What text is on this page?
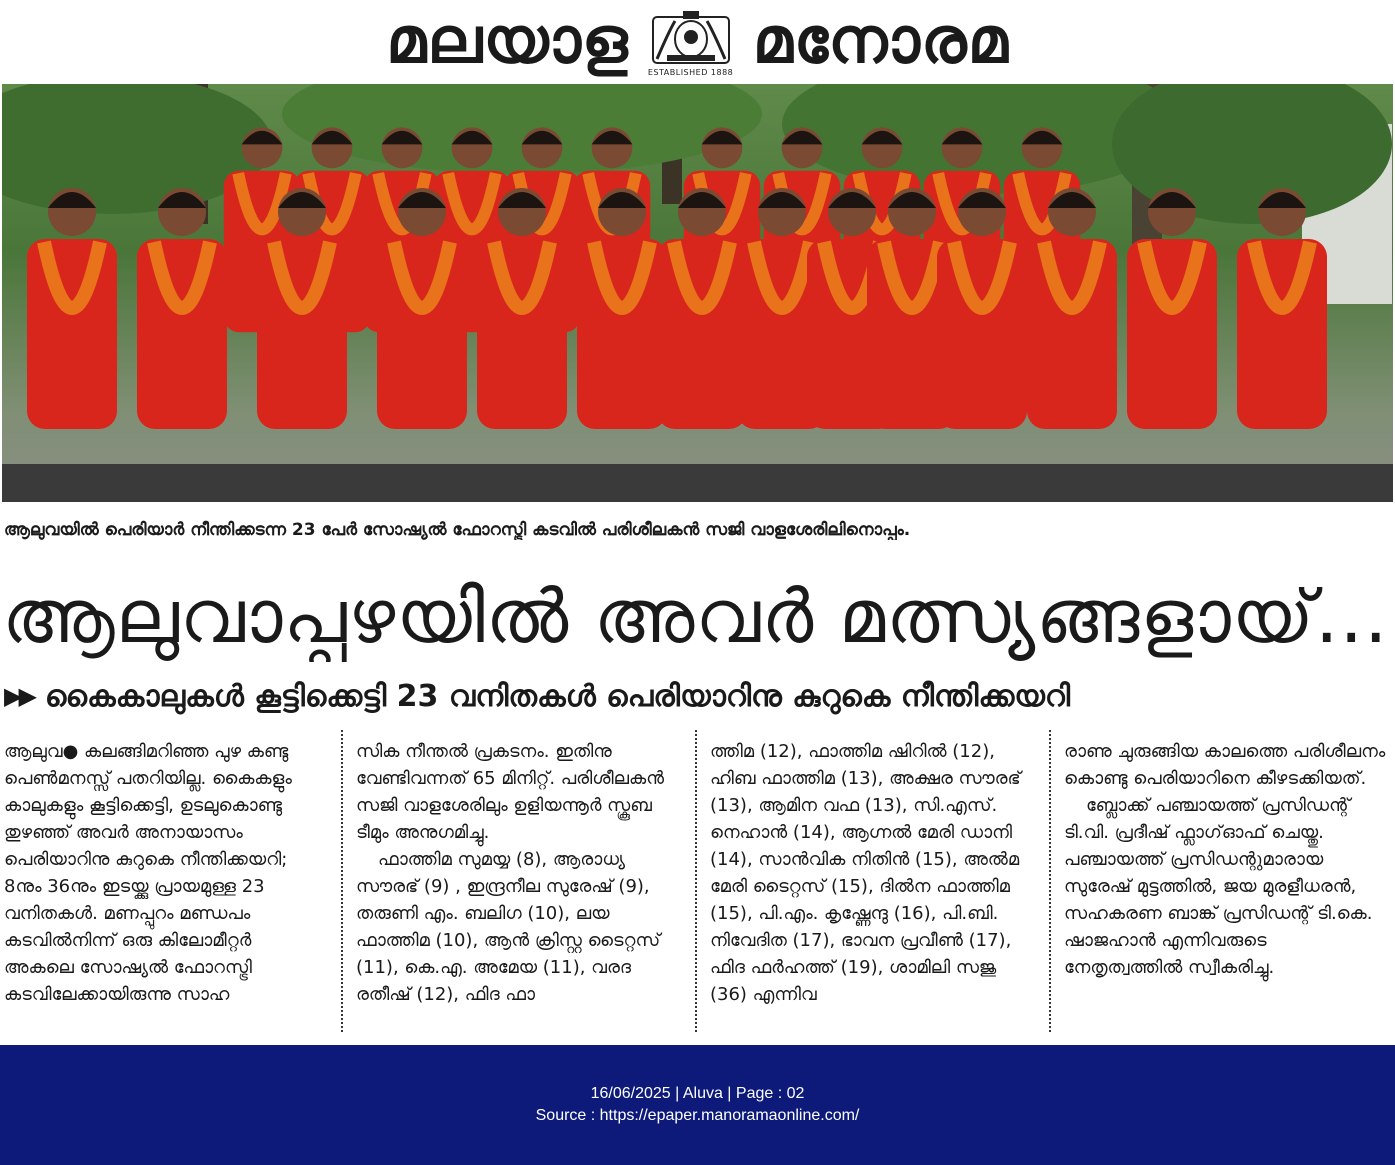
മലയാള ESTABLISHED 1888 മനോരമ
ആലുവയിൽ പെരിയാർ നീന്തിക്കടന്ന 23 പേർ സോഷ്യൽ ഫോറസ്ട്രി കടവിൽ പരിശീലകൻ സജി വാളശേരിലിനൊപ്പം.
ആലുവാപ്പുഴയിൽ അവർ മത്സ്യങ്ങളായ്...
▶▶ കൈകാലുകൾ കൂട്ടിക്കെട്ടി 23 വനിതകൾ പെരിയാറിനു കുറുകെ നീന്തിക്കയറി

ആലുവ● കലങ്ങിമറിഞ്ഞ പുഴ കണ്ടു പെൺമനസ്സ് പതറിയില്ല. കൈകളും കാലുകളും കൂട്ടിക്കെട്ടി, ഉടലുകൊണ്ടു തുഴഞ്ഞ് അവർ അനായാസം പെരിയാറിനു കുറുകെ നീന്തിക്കയറി; 8നും 36നും ഇടയ്ക്കു പ്രായമുള്ള 23 വനിതകൾ. മണപ്പുറം മണ്ഡപം കടവിൽനിന്ന് ഒരു കിലോമീറ്റർ അകലെ സോഷ്യൽ ഫോറസ്ട്രി കടവിലേക്കായിരുന്നു സാഹ

സിക നീന്തൽ പ്രകടനം. ഇതിനു വേണ്ടിവന്നത് 65 മിനിറ്റ്. പരിശീലകൻ സജി വാളശേരിലും ഉളിയന്നൂർ സ്കൂബ ടീമും അനുഗമിച്ചു.

ഫാത്തിമ സുമയ്യ (8), ആരാധ്യ സൗരഭ് (9) , ഇന്ദ്രനീല സുരേഷ് (9), തരുണി എം. ബലിഗ (10), ലയ ഫാത്തിമ (10), ആൻ ക്രിസ്റ്റ ടൈറ്റസ് (11), കെ.എ. അമേയ (11), വരദ രതീഷ് (12), ഫിദ ഫാ

ത്തിമ (12), ഫാത്തിമ ഷിറിൽ (12), ഹിബ ഫാത്തിമ (13), അക്ഷര സൗരഭ് (13), ആമിന വഫ (13), സി.എസ്. നെഹാൻ (14), ആഗ്നൽ മേരി ഡാനി (14), സാൻവിക നിതിൻ (15), അൽമ മേരി ടൈറ്റസ് (15), ദിൽന ഫാത്തിമ (15), പി.എം. കൃഷ്ണേന്ദു (16), പി.ബി. നിവേദിത (17), ഭാവന പ്രവീൺ (17), ഫിദ ഫർഹത്ത് (19), ശാമിലി സജു (36) എന്നിവ

രാണു ചുരുങ്ങിയ കാലത്തെ പരിശീലനം കൊണ്ടു പെരിയാറിനെ കീഴടക്കിയത്.

ബ്ലോക്ക് പഞ്ചായത്ത് പ്രസിഡന്റ് ടി.വി. പ്രദീഷ് ഫ്ലാഗ്ഓഫ് ചെയ്തു. പഞ്ചായത്ത് പ്രസിഡന്റുമാരായ സുരേഷ് മുട്ടത്തിൽ, ജയ മുരളീധരൻ, സഹകരണ ബാങ്ക് പ്രസിഡന്റ് ടി.കെ. ഷാജഹാൻ എന്നിവരുടെ നേതൃത്വത്തിൽ സ്വീകരിച്ചു.

16/06/2025 | Aluva | Page : 02
Source : https://epaper.manoramaonline.com/
